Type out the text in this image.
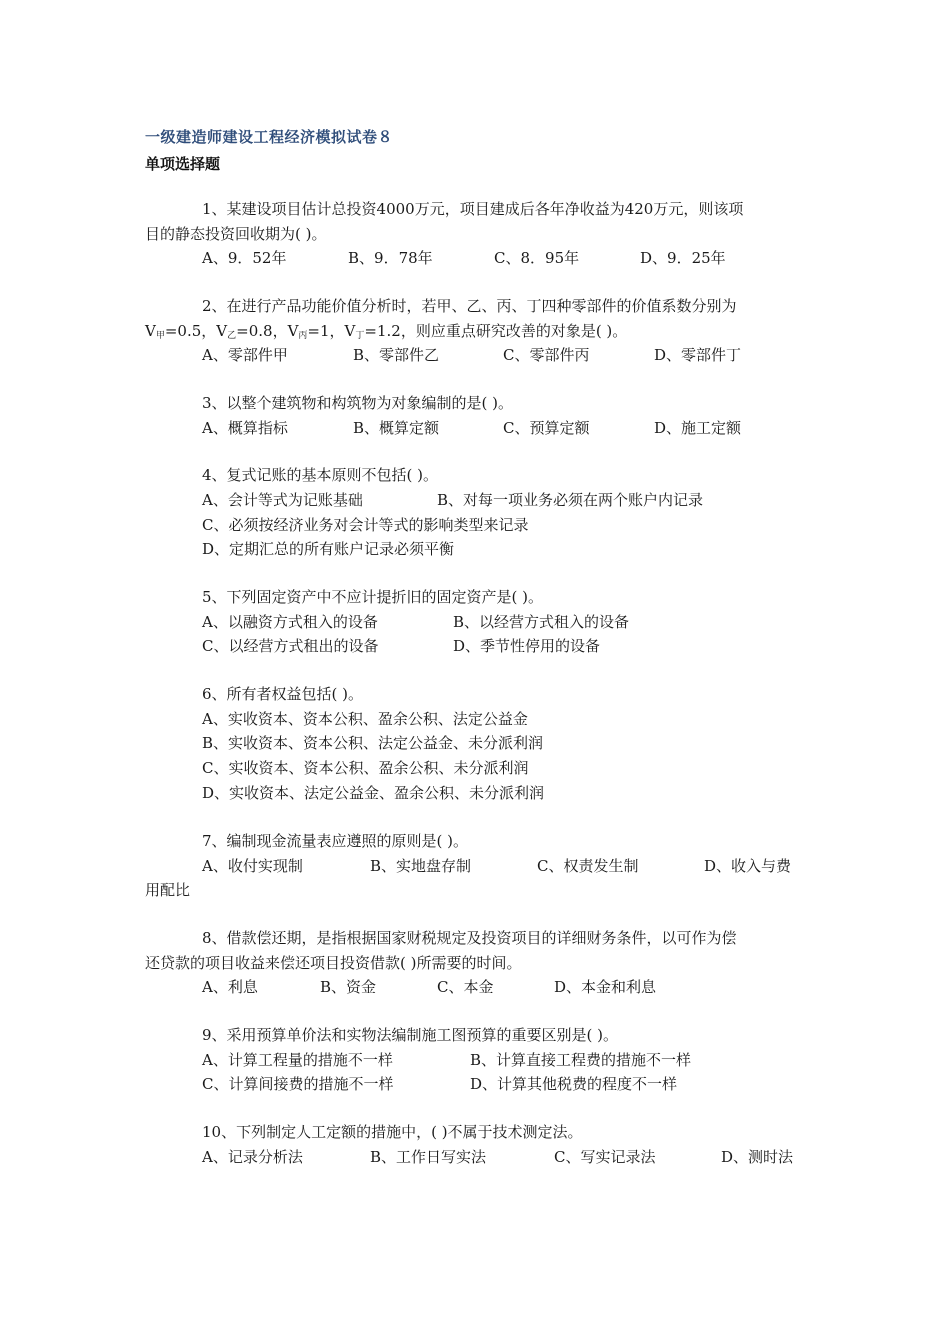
一级建造师建设工程经济模拟试卷８
单项选择题
1、某建设项目估计总投资4000万元，项目建成后各年净收益为420万元，则该项
目的静态投资回收期为( )。
A、9．52年	B、9．78年	C、8．95年	D、9．25年
2、在进行产品功能价值分析时，若甲、乙、丙、丁四种零部件的价值系数分别为
$V_甲=0.5$，$V_乙=0.8$，$V_丙=1$，$V_丁=1.2$，则应重点研究改善的对象是( )。
A、零部件甲	B、零部件乙	C、零部件丙	D、零部件丁
3、以整个建筑物和构筑物为对象编制的是( )。
A、概算指标	B、概算定额	C、预算定额	D、施工定额
4、复式记账的基本原则不包括( )。
A、会计等式为记账基础	B、对每一项业务必须在两个账户内记录
C、必须按经济业务对会计等式的影响类型来记录
D、定期汇总的所有账户记录必须平衡
5、下列固定资产中不应计提折旧的固定资产是( )。
A、以融资方式租入的设备	B、以经营方式租入的设备
C、以经营方式租出的设备	D、季节性停用的设备
6、所有者权益包括( )。
A、实收资本、资本公积、盈余公积、法定公益金
B、实收资本、资本公积、法定公益金、未分派利润
C、实收资本、资本公积、盈余公积、未分派利润
D、实收资本、法定公益金、盈余公积、未分派利润
7、编制现金流量表应遵照的原则是( )。
A、收付实现制	B、实地盘存制	C、权责发生制	D、收入与费
用配比
8、借款偿还期，是指根据国家财税规定及投资项目的详细财务条件，以可作为偿
还贷款的项目收益来偿还项目投资借款( )所需要的时间。
A、利息	B、资金	C、本金	D、本金和利息
9、采用预算单价法和实物法编制施工图预算的重要区别是( )。
A、计算工程量的措施不一样	B、计算直接工程费的措施不一样
C、计算间接费的措施不一样	D、计算其他税费的程度不一样
10、下列制定人工定额的措施中，( )不属于技术测定法。
A、记录分析法	B、工作日写实法	C、写实记录法	D、测时法
